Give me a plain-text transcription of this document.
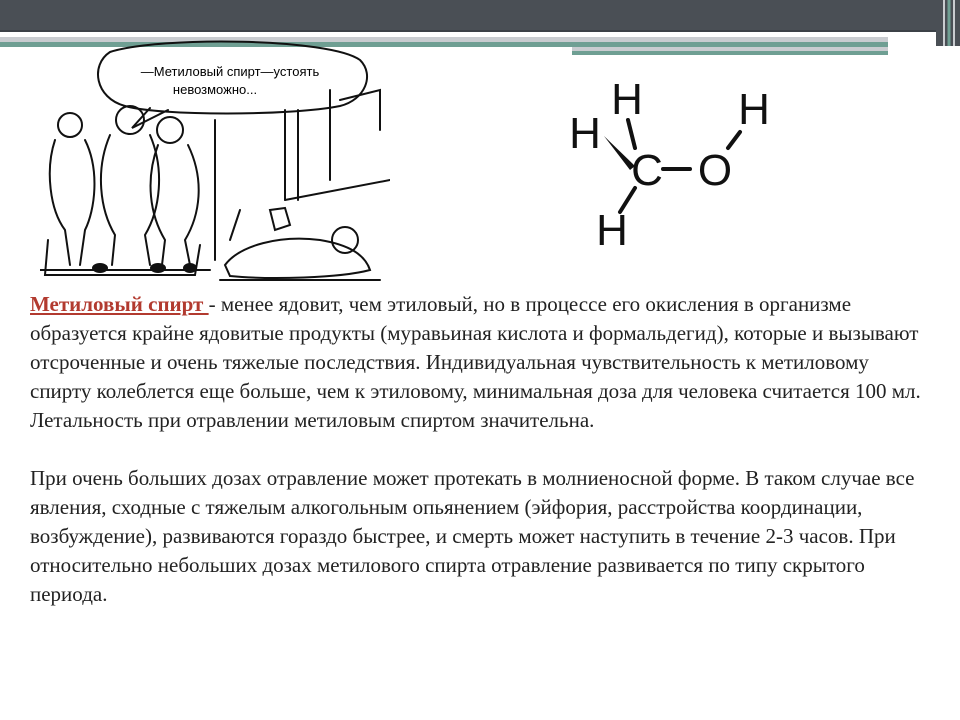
—Метиловый спирт—устоять
невозможно...	H
H
C O
H
H

Метиловый спирт - менее ядовит, чем этиловый, но в процессе его окисления в организме образуется крайне ядовитые продукты (муравьиная кислота и формальдегид), которые и вызывают отсроченные и очень тяжелые последствия. Индивидуальная чувствительность к метиловому спирту колеблется еще больше, чем к этиловому, минимальная доза для человека считается 100 мл. Летальность при отравлении метиловым спиртом значительна.

При очень больших дозах отравление может протекать в молниеносной форме. В таком случае все явления, сходные с тяжелым алкогольным опьянением (эйфория, расстройства координации, возбуждение), развиваются гораздо быстрее, и смерть может наступить в течение 2-3 часов. При относительно небольших дозах метилового спирта отравление развивается по типу скрытого периода.
